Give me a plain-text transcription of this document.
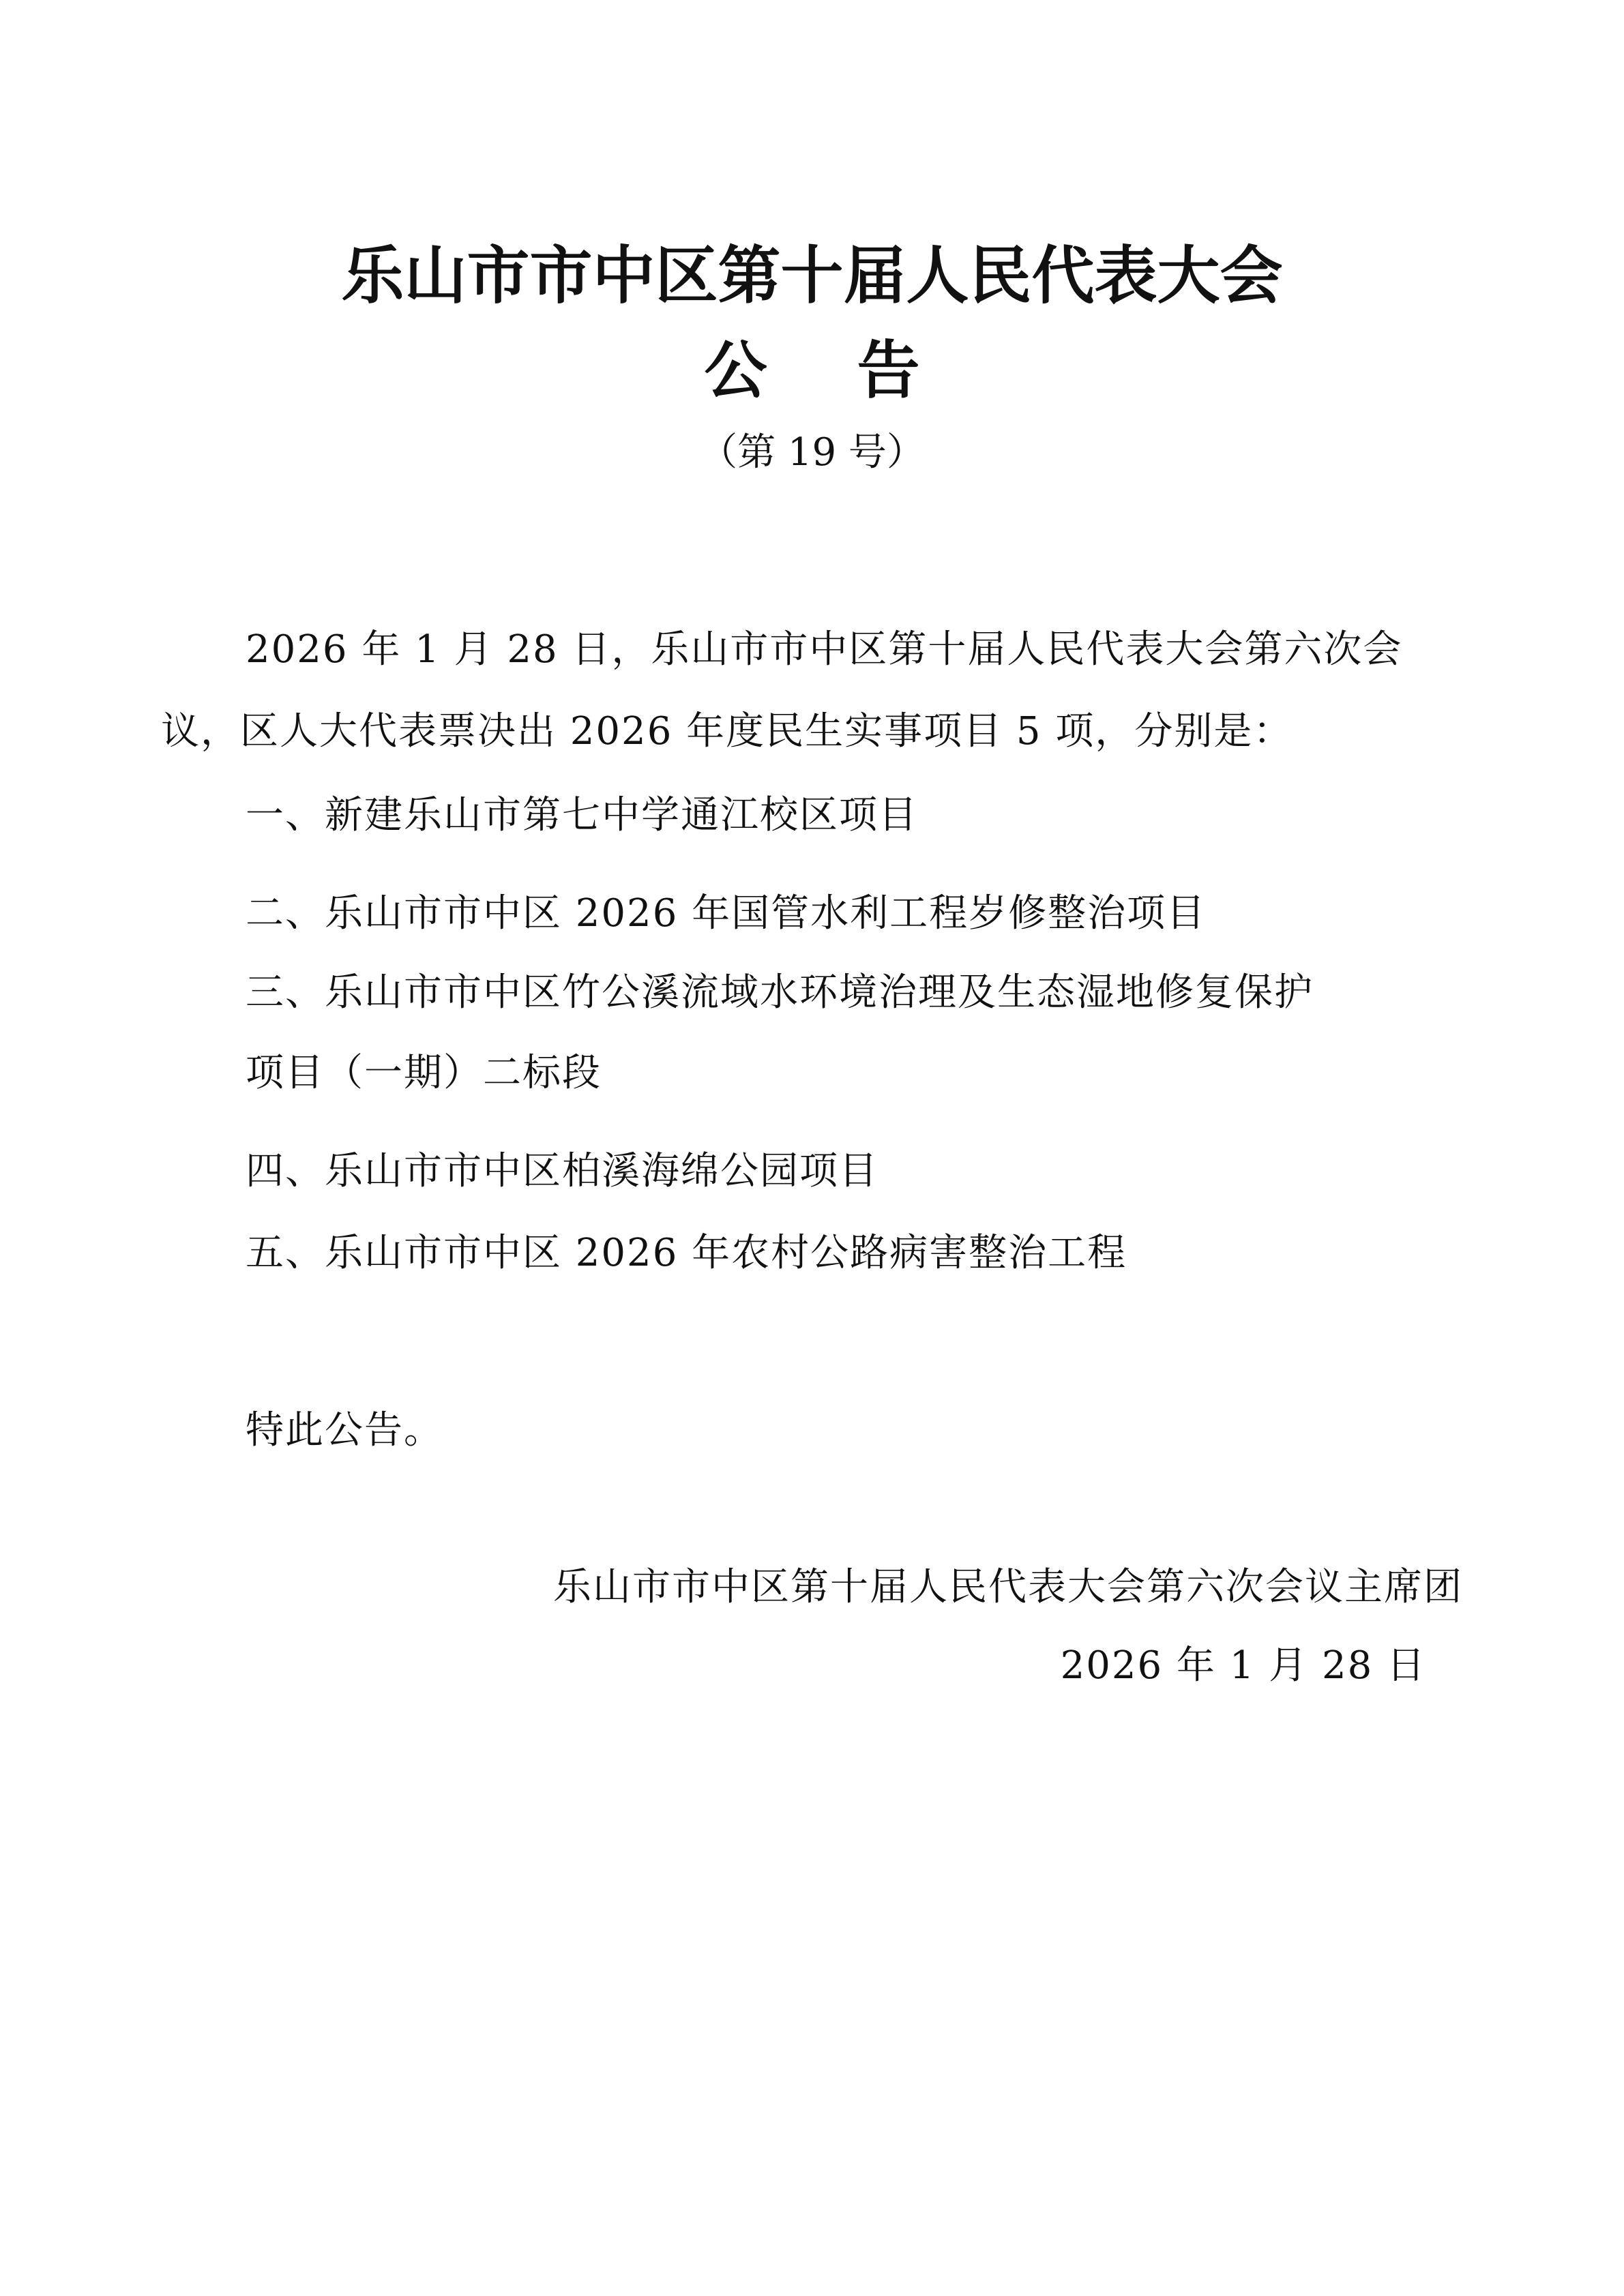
乐山市市中区第十届人民代表大会
公告
（第 19 号）
2026 年 1 月 28 日，乐山市市中区第十届人民代表大会第六次会
议，区人大代表票决出 2026 年度民生实事项目 5 项，分别是：
一、新建乐山市第七中学通江校区项目
二、乐山市市中区 2026 年国管水利工程岁修整治项目
三、乐山市市中区竹公溪流域水环境治理及生态湿地修复保护
项目（一期）二标段
四、乐山市市中区柏溪海绵公园项目
五、乐山市市中区 2026 年农村公路病害整治工程
特此公告。
乐山市市中区第十届人民代表大会第六次会议主席团
2026 年 1 月 28 日
